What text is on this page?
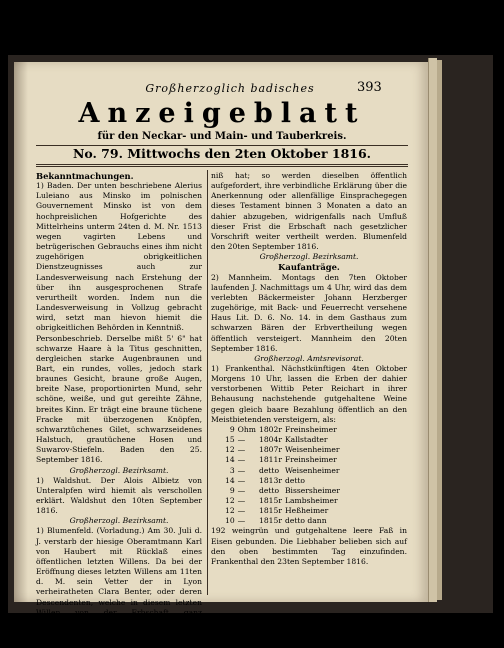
393
Großherzoglich badisches
Anzeigeblatt
für den Neckar- und Main- und Tauberkreis.
No. 79. Mittwochs den 2ten Oktober 1816.

Bekanntmachungen.

1) Baden. Der unten beschriebene Alerius Luleiano aus Minsko im polnischen Gouvernement Minsko ist von dem hochpreislichen Hofgerichte des Mittelrheins unterm 24ten d. M. Nr. 1513 wegen vagirten Lebens und betrügerischen Gebrauchs eines ihm nicht zugehörigen obrigkeitlichen Dienstzeugnisses auch zur Landesverweisung nach Erstehung der über ihn ausgesprochenen Strafe verurtheilt worden. Indem nun die Landesverweisung in Vollzug gebracht wird, setzt man hievon hiemit die obrigkeitlichen Behörden in Kenntniß.

Personbeschrieb. Derselbe mißt 5' 6" hat schwarze Haare à la Titus geschnitten, dergleichen starke Augenbraunen und Bart, ein rundes, volles, jedoch stark braunes Gesicht, braune große Augen, breite Nase, proportionirten Mund, sehr schöne, weiße, und gut gereihte Zähne, breites Kinn. Er trägt eine braune tüchene Fracke mit überzogenen Knöpfen, schwarztüchenes Gilet, schwarzseidenes Halstuch, grautüchene Hosen und Suwarov-Stiefeln. Baden den 25. September 1816.

Großherzogl. Bezirksamt.

1) Waldshut. Der Alois Albietz von Unteralpfen wird hiemit als verschollen erklärt. Waldshut den 10ten September 1816.

Großherzogl. Bezirksamt.

1) Blumenfeld. (Vorladung.) Am 30. Juli d. J. verstarb der hiesige Oberamtmann Karl von Haubert mit Rücklaß eines öffentlichen letzten Willens. Da bei der Eröffnung dieses letzten Willens am 11ten d. M. sein Vetter der in Lyon verheiratheten Clara Benter, oder deren Descendenten, welche in diesem letzten Willen von der Erbschaft ganz ausgeschlossen sind, zugegen war, und man von dem Aufenthalt derselben diesseits keine Kennt-

niß hat; so werden dieselben öffentlich aufgefordert, ihre verbindliche Erklärung über die Anerkennung oder allenfällige Einsprachegegen dieses Testament binnen 3 Monaten a dato an dahier abzugeben, widrigenfalls nach Umfluß dieser Frist die Erbschaft nach gesetzlicher Vorschrift weiter vertheilt werden. Blumenfeld den 20ten September 1816.

Großherzogl. Bezirksamt.

Kaufanträge.

2) Mannheim. Montags den 7ten Oktober laufenden J. Nachmittags um 4 Uhr, wird das dem verlebten Bäckermeister Johann Herzberger zugehörige, mit Back- und Feuerrecht versehene Haus Lit. D. 6. No. 14. in dem Gasthaus zum schwarzen Bären der Erbvertheilung wegen öffentlich versteigert. Mannheim den 20ten September 1816.

Großherzogl. Amtsrevisorat.

1) Frankenthal. Nächstkünftigen 4ten Oktober Morgens 10 Uhr, lassen die Erben der dahier verstorbenen Wittib Peter Reichart in ihrer Behausung nachstehende gutgehaltene Weine gegen gleich baare Bezahlung öffentlich an den Meistbietenden versteigern, als:

9	Ohm	1802r	Freinsheimer
15	—	1804r	Kallstadter
12	—	1807r	Weisenheimer
14	—	1811r	Freinsheimer
3	—	detto	Weisenheimer
14	—	1813r	detto
9	—	detto	Bissersheimer
12	—	1815r	Lambsheimer
12	—	1815r	Heßheimer
10	—	1815r	detto dann

192 weingrün und gutgehaltene leere Faß in Eisen gebunden. Die Liebhaber belieben sich auf den oben bestimmten Tag einzufinden. Frankenthal den 23ten September 1816.
